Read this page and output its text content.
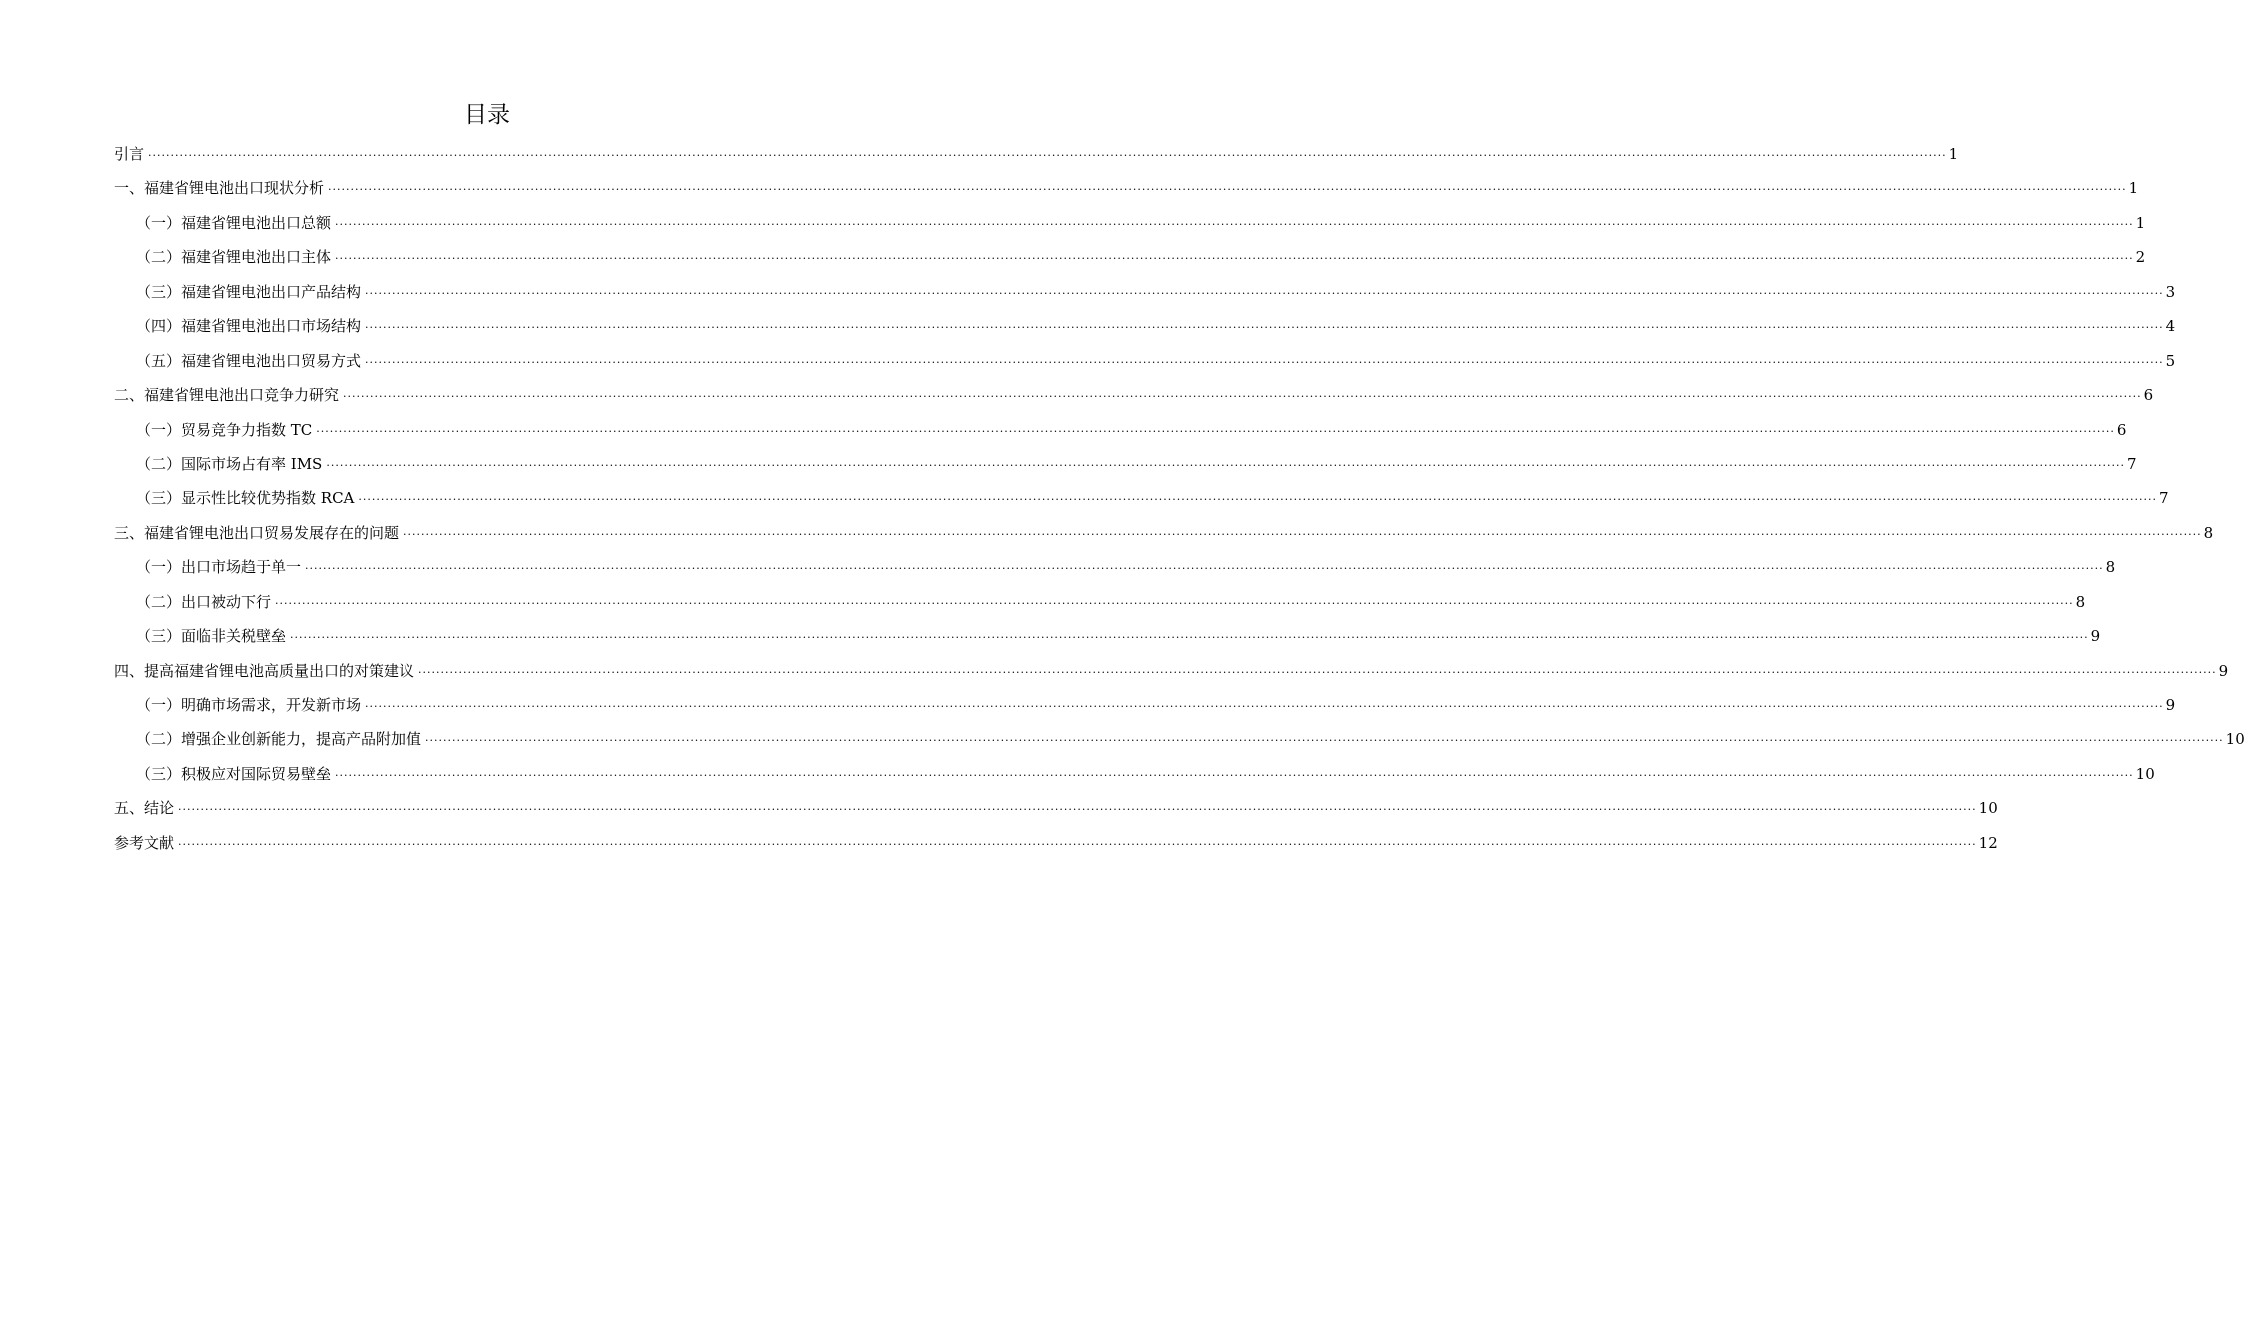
目录
引言 ················································································································································································································································································································································································································ 1
一、福建省锂电池出口现状分析 ················································································································································································································································································································································································································ 1
（一）福建省锂电池出口总额 ················································································································································································································································································································································································································ 1
（二）福建省锂电池出口主体 ················································································································································································································································································································································································································ 2
（三）福建省锂电池出口产品结构 ················································································································································································································································································································································································································ 3
（四）福建省锂电池出口市场结构 ················································································································································································································································································································································································································ 4
（五）福建省锂电池出口贸易方式 ················································································································································································································································································································································································································ 5
二、福建省锂电池出口竞争力研究 ················································································································································································································································································································································································································ 6
（一）贸易竞争力指数 TC ················································································································································································································································································································································································································ 6
（二）国际市场占有率 IMS ················································································································································································································································································································································································································ 7
（三）显示性比较优势指数 RCA ················································································································································································································································································································································································································ 7
三、福建省锂电池出口贸易发展存在的问题 ················································································································································································································································································································································································································ 8
（一）出口市场趋于单一 ················································································································································································································································································································································································································ 8
（二）出口被动下行 ················································································································································································································································································································································································································ 8
（三）面临非关税壁垒 ················································································································································································································································································································································································································ 9
四、提高福建省锂电池高质量出口的对策建议 ················································································································································································································································································································································································································ 9
（一）明确市场需求，开发新市场 ················································································································································································································································································································································································································ 9
（二）增强企业创新能力，提高产品附加值 ················································································································································································································································································································································································································ 10
（三）积极应对国际贸易壁垒 ················································································································································································································································································································································································································ 10
五、结论 ················································································································································································································································································································································································································ 10
参考文献 ················································································································································································································································································································································································································ 12
